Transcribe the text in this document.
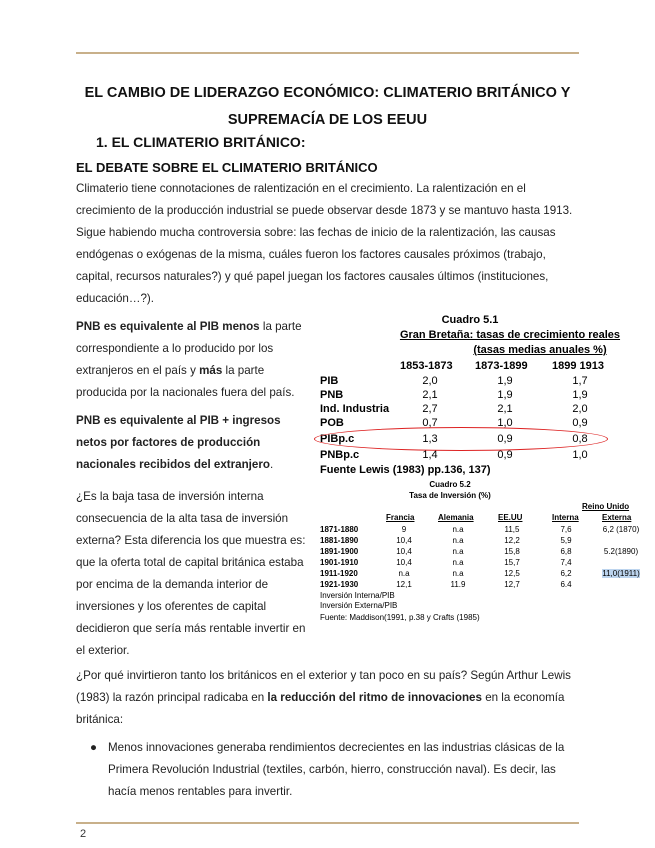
EL CAMBIO DE LIDERAZGO ECONÓMICO: CLIMATERIO BRITÁNICO Y
SUPREMACÍA DE LOS EEUU
1. EL CLIMATERIO BRITÁNICO:
EL DEBATE SOBRE EL CLIMATERIO BRITÁNICO
Climaterio tiene connotaciones de ralentización en el crecimiento. La ralentización en el crecimiento de la producción industrial se puede observar desde 1873 y se mantuvo hasta 1913. Sigue habiendo mucha controversia sobre: las fechas de inicio de la ralentización, las causas endógenas o exógenas de la misma, cuáles fueron los factores causales próximos (trabajo, capital, recursos naturales?) y qué papel juegan los factores causales últimos (instituciones, educación…?).
PNB es equivalente al PIB menos la parte correspondiente a lo producido por los extranjeros en el país y más la parte producida por la nacionales fuera del país.
PNB es equivalente al PIB + ingresos netos por factores de producción nacionales recibidos del extranjero.
¿Es la baja tasa de inversión interna consecuencia de la alta tasa de inversión externa? Esta diferencia los que muestra es: que la oferta total de capital británica estaba por encima de la demanda interior de inversiones y los oferentes de capital decidieron que sería más rentable invertir en el exterior.
Cuadro 5.1
Gran Bretaña: tasas de crecimiento reales
(tasas medias anuales %)
1853-1873 1873-1899 1899 1913
PIB	2,0	1,9	1,7
PNB	2,1	1,9	1,9
Ind. Industria	2,7	2,1	2,0
POB	0,7	1,0	0,9
PIBp.c	1,3	0,9	0,8
PNBp.c	1,4	0,9	1,0
Fuente Lewis (1983) pp.136, 137)
Cuadro 5.2
Tasa de Inversión (%)
Reino Unido
Francia	Alemania	EE.UU	Interna	Externa
1871-1880	9	n.a	11,5	7,6	6,2 (1870)
1881-1890	10,4	n.a	12,2	5,9
1891-1900	10,4	n.a	15,8	6,8	5.2(1890)
1901-1910	10,4	n.a	15,7	7,4
1911-1920	n.a	n.a	12,5	6,2	11,0(1911)
1921-1930	12,1	11.9	12,7	6.4
Inversión Interna/PIB
Inversión Externa/PIB
Fuente: Maddison(1991, p.38 y Crafts (1985)
¿Por qué invirtieron tanto los británicos en el exterior y tan poco en su país? Según Arthur Lewis (1983) la razón principal radicaba en la reducción del ritmo de innovaciones en la economía británica:
● Menos innovaciones generaba rendimientos decrecientes en las industrias clásicas de la Primera Revolución Industrial (textiles, carbón, hierro, construcción naval). Es decir, las hacía menos rentables para invertir.
2
